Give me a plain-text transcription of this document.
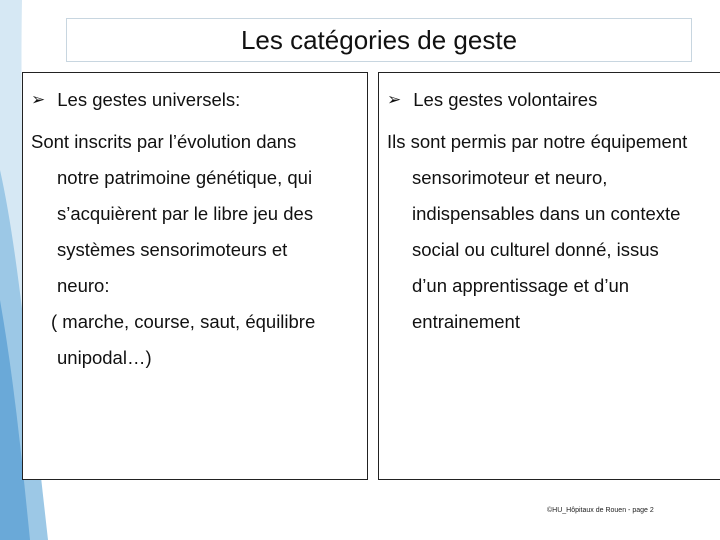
Les catégories de geste
➢ Les gestes universels:
Sont inscrits par l’évolution dans
notre patrimoine génétique, qui
s’acquièrent par le libre jeu des
systèmes sensorimoteurs et
neuro:
( marche, course, saut, équilibre
unipodal…)
➢ Les gestes volontaires
Ils sont permis par notre équipement
sensorimoteur et neuro,
indispensables dans un contexte
social ou culturel donné, issus
d’un apprentissage et d’un
entrainement
©HU_Hôpitaux de Rouen - page 2
